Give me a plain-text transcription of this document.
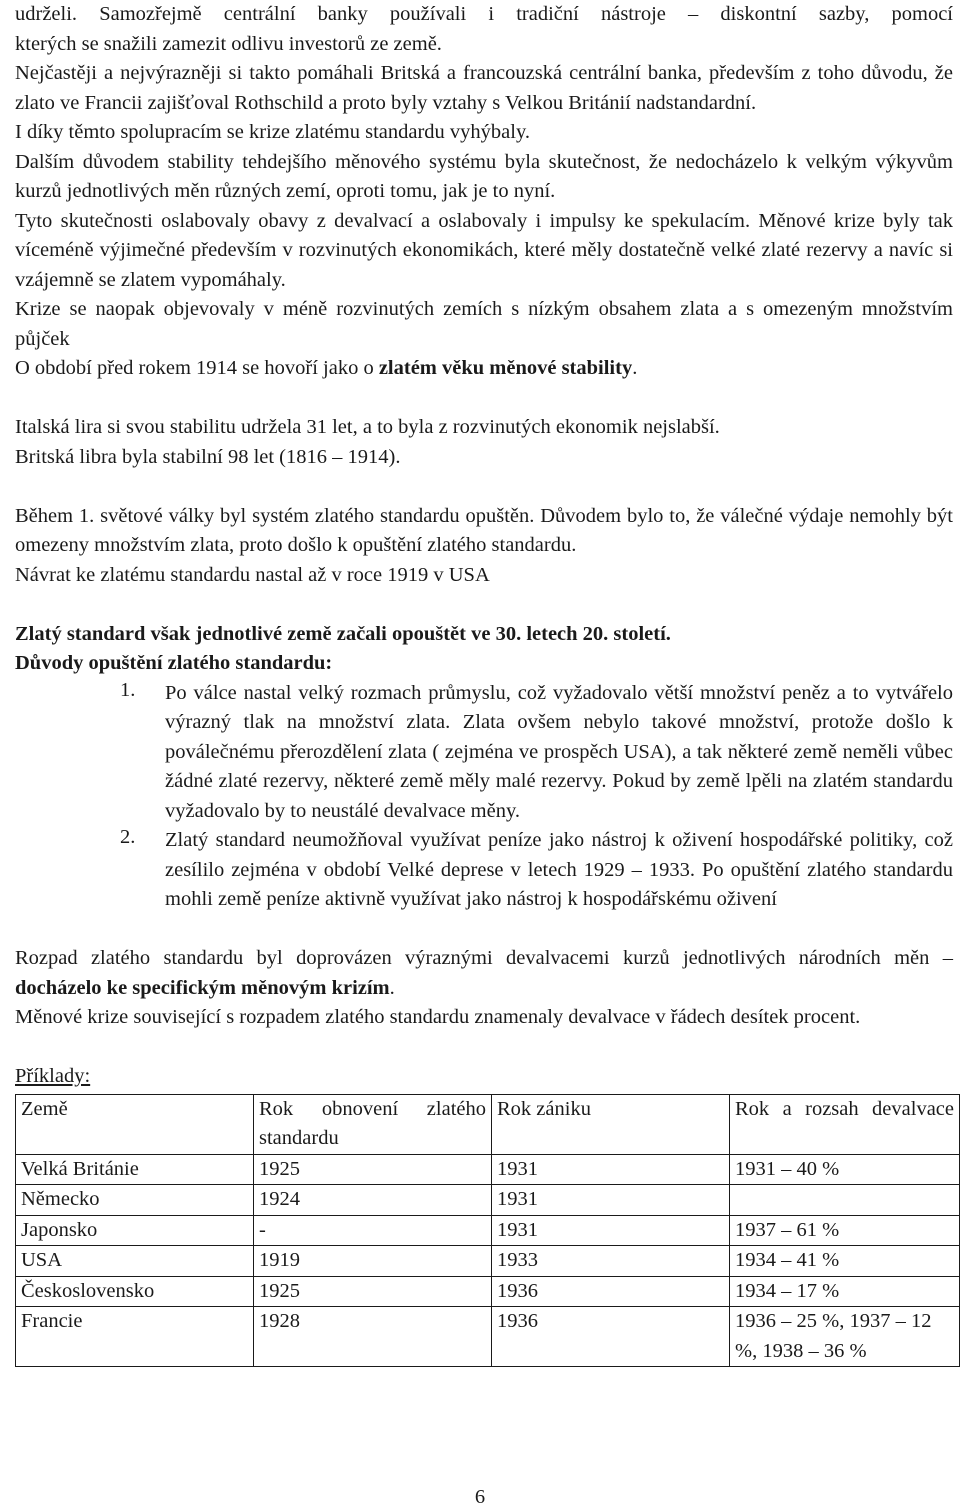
udrželi. Samozřejmě centrální banky používali i tradiční nástroje – diskontní sazby, pomocí

kterých se snažili zamezit odlivu investorů ze země.

Nejčastěji a nejvýrazněji si takto pomáhali Britská a francouzská centrální banka, především z toho důvodu, že zlato ve Francii zajišťoval Rothschild a proto byly vztahy s Velkou Británií nadstandardní.

I díky těmto spolupracím se krize zlatému standardu vyhýbaly.

Dalším důvodem stability tehdejšího měnového systému byla skutečnost, že nedocházelo k velkým výkyvům kurzů jednotlivých měn různých zemí, oproti tomu, jak je to nyní.

Tyto skutečnosti oslabovaly obavy z devalvací a oslabovaly i impulsy ke spekulacím. Měnové krize byly tak víceméně výjimečné především v rozvinutých ekonomikách, které měly dostatečně velké zlaté rezervy a navíc si vzájemně se zlatem vypomáhaly.

Krize se naopak objevovaly v méně rozvinutých zemích s nízkým obsahem zlata a s omezeným množstvím půjček

O období před rokem 1914 se hovoří jako o zlatém věku měnové stability.

Italská lira si svou stabilitu udržela 31 let, a to byla z rozvinutých ekonomik nejslabší.

Britská libra byla stabilní 98 let (1816 – 1914).

Během 1. světové války byl systém zlatého standardu opuštěn. Důvodem bylo to, že válečné výdaje nemohly být omezeny množstvím zlata, proto došlo k opuštění zlatého standardu.

Návrat ke zlatému standardu nastal až v roce 1919 v USA

Zlatý standard však jednotlivé země začali opouštět ve 30. letech 20. století.

Důvody opuštění zlatého standardu:

1. Po válce nastal velký rozmach průmyslu, což vyžadovalo větší množství peněz a to vytvářelo výrazný tlak na množství zlata. Zlata ovšem nebylo takové množství, protože došlo k poválečnému přerozdělení zlata ( zejména ve prospěch USA), a tak některé země neměli vůbec žádné zlaté rezervy, některé země měly malé rezervy. Pokud by země lpěli na zlatém standardu vyžadovalo by to neustálé devalvace měny.
2. Zlatý standard neumožňoval využívat peníze jako nástroj k oživení hospodářské politiky, což zesílilo zejména v období Velké deprese v letech 1929 – 1933. Po opuštění zlatého standardu mohli země peníze aktivně využívat jako nástroj k hospodářskému oživení

Rozpad zlatého standardu byl doprovázen výraznými devalvacemi kurzů jednotlivých národních měn – docházelo ke specifickým měnovým krizím.

Měnové krize související s rozpadem zlatého standardu znamenaly devalvace v řádech desítek procent.

Příklady:

Země	Rok obnovení zlatého standardu	Rok zániku	Rok a rozsah devalvace
Velká Británie	1925	1931	1931 – 40 %
Německo	1924	1931	
Japonsko	-	1931	1937 – 61 %
USA	1919	1933	1934 – 41 %
Československo	1925	1936	1934 – 17 %
Francie	1928	1936	1936 – 25 %, 1937 – 12 %, 1938 – 36 %
6
